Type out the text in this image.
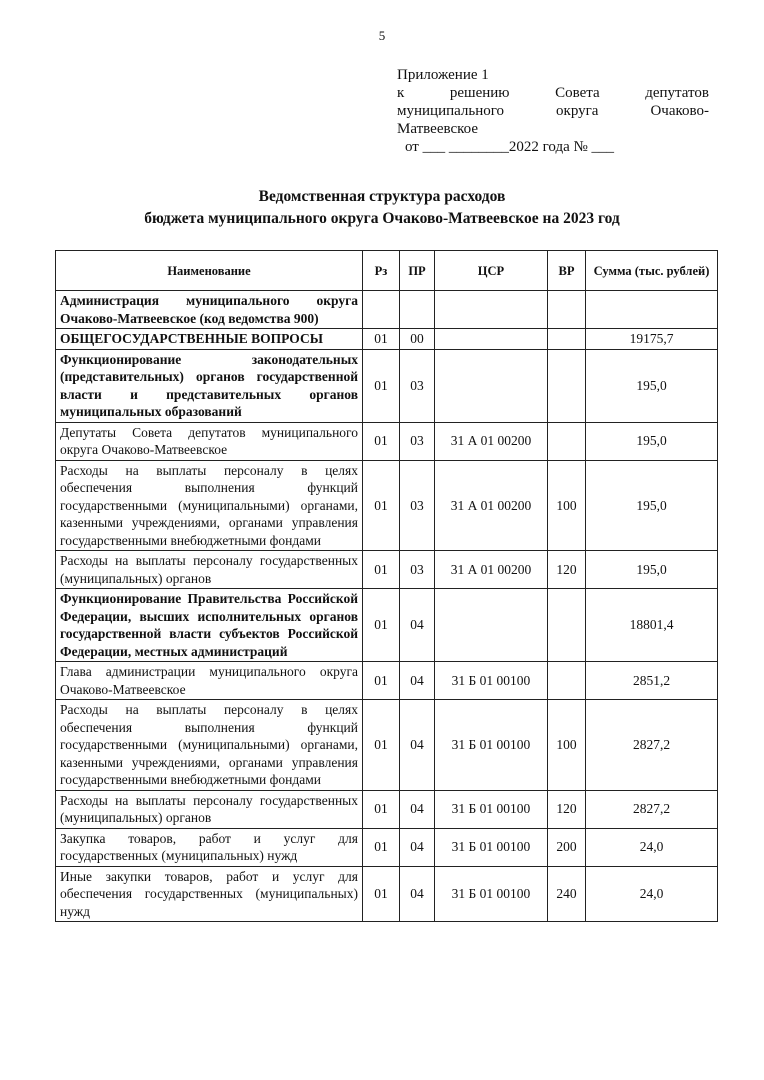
5
Приложение 1
к	решению	Совета	депутатов
муниципального	округа	Очаково-
Матвеевское
от ___ ________2022 года № ___
Ведомственная структура расходов
бюджета муниципального округа Очаково-Матвеевское на 2023 год
Наименование	Рз	ПР	ЦСР	ВР	Сумма (тыс. рублей)
Администрация муниципального округа Очаково-Матвеевское (код ведомства 900)					
ОБЩЕГОСУДАРСТВЕННЫЕ ВОПРОСЫ	01	00			19175,7
Функционирование законодательных (представительных) органов государственной власти и представительных органов муниципальных образований	01	03			195,0
Депутаты Совета депутатов муниципального округа Очаково-Матвеевское	01	03	31 А 01 00200		195,0
Расходы на выплаты персоналу в целях обеспечения выполнения функций государственными (муниципальными) органами, казенными учреждениями, органами управления государственными внебюджетными фондами	01	03	31 А 01 00200	100	195,0
Расходы на выплаты персоналу государственных (муниципальных) органов	01	03	31 А 01 00200	120	195,0
Функционирование Правительства Российской Федерации, высших исполнительных органов государственной власти субъектов Российской Федерации, местных администраций	01	04			18801,4
Глава администрации муниципального округа Очаково-Матвеевское	01	04	31 Б 01 00100		2851,2
Расходы на выплаты персоналу в целях обеспечения выполнения функций государственными (муниципальными) органами, казенными учреждениями, органами управления государственными внебюджетными фондами	01	04	31 Б 01 00100	100	2827,2
Расходы на выплаты персоналу государственных (муниципальных) органов	01	04	31 Б 01 00100	120	2827,2
Закупка товаров, работ и услуг для государственных (муниципальных) нужд	01	04	31 Б 01 00100	200	24,0
Иные закупки товаров, работ и услуг для обеспечения государственных (муниципальных) нужд	01	04	31 Б 01 00100	240	24,0
